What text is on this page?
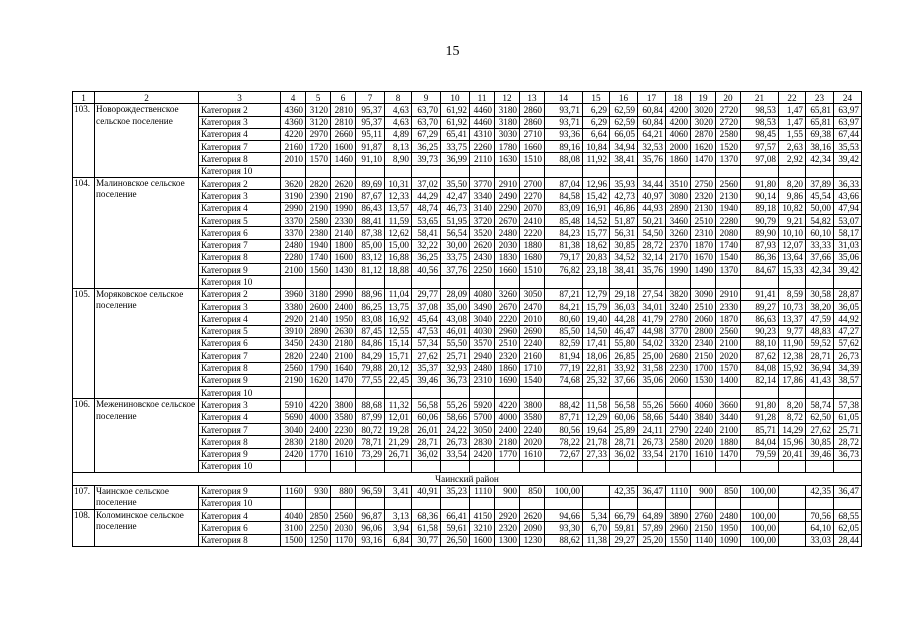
15
1	2	3	4	5	6	7	8	9	10	11	12	13	14	15	16	17	18	19	20	21	22	23	24
103.	Новорождественское сельское поселение	Категория 2	4360	3120	2810	95,37	4,63	63,70	61,92	4460	3180	2860	93,71	6,29	62,59	60,84	4200	3020	2720	98,53	1,47	65,81	63,97
		Категория 3	4360	3120	2810	95,37	4,63	63,70	61,92	4460	3180	2860	93,71	6,29	62,59	60,84	4200	3020	2720	98,53	1,47	65,81	63,97
		Категория 4	4220	2970	2660	95,11	4,89	67,29	65,41	4310	3030	2710	93,36	6,64	66,05	64,21	4060	2870	2580	98,45	1,55	69,38	67,44
		Категория 7	2160	1720	1600	91,87	8,13	36,25	33,75	2260	1780	1660	89,16	10,84	34,94	32,53	2000	1620	1520	97,57	2,63	38,16	35,53
		Категория 8	2010	1570	1460	91,10	8,90	39,73	36,99	2110	1630	1510	88,08	11,92	38,41	35,76	1860	1470	1370	97,08	2,92	42,34	39,42
		Категория 10																					
104.	Малиновское сельское поселение	Категория 2	3620	2820	2620	89,69	10,31	37,02	35,50	3770	2910	2700	87,04	12,96	35,93	34,44	3510	2750	2560	91,80	8,20	37,89	36,33
		Категория 3	3190	2390	2190	87,67	12,33	44,29	42,47	3340	2490	2270	84,58	15,42	42,73	40,97	3080	2320	2130	90,14	9,86	45,54	43,66
		Категория 4	2990	2190	1990	86,43	13,57	48,74	46,73	3140	2290	2070	83,09	16,91	46,86	44,93	2890	2130	1940	89,18	10,82	50,00	47,94
		Категория 5	3370	2580	2330	88,41	11,59	53,65	51,95	3720	2670	2410	85,48	14,52	51,87	50,21	3460	2510	2280	90,79	9,21	54,82	53,07
		Категория 6	3370	2380	2140	87,38	12,62	58,41	56,54	3520	2480	2220	84,23	15,77	56,31	54,50	3260	2310	2080	89,90	10,10	60,10	58,17
		Категория 7	2480	1940	1800	85,00	15,00	32,22	30,00	2620	2030	1880	81,38	18,62	30,85	28,72	2370	1870	1740	87,93	12,07	33,33	31,03
		Категория 8	2280	1740	1600	83,12	16,88	36,25	33,75	2430	1830	1680	79,17	20,83	34,52	32,14	2170	1670	1540	86,36	13,64	37,66	35,06
		Категория 9	2100	1560	1430	81,12	18,88	40,56	37,76	2250	1660	1510	76,82	23,18	38,41	35,76	1990	1490	1370	84,67	15,33	42,34	39,42
		Категория 10																					
105.	Моряковское сельское поселение	Категория 2	3960	3180	2990	88,96	11,04	29,77	28,09	4080	3260	3050	87,21	12,79	29,18	27,54	3820	3090	2910	91,41	8,59	30,58	28,87
		Категория 3	3380	2600	2400	86,25	13,75	37,08	35,00	3490	2670	2470	84,21	15,79	36,03	34,01	3240	2510	2330	89,27	10,73	38,20	36,05
		Категория 4	2920	2140	1950	83,08	16,92	45,64	43,08	3040	2220	2010	80,60	19,40	44,28	41,79	2780	2060	1870	86,63	13,37	47,59	44,92
		Категория 5	3910	2890	2630	87,45	12,55	47,53	46,01	4030	2960	2690	85,50	14,50	46,47	44,98	3770	2800	2560	90,23	9,77	48,83	47,27
		Категория 6	3450	2430	2180	84,86	15,14	57,34	55,50	3570	2510	2240	82,59	17,41	55,80	54,02	3320	2340	2100	88,10	11,90	59,52	57,62
		Категория 7	2820	2240	2100	84,29	15,71	27,62	25,71	2940	2320	2160	81,94	18,06	26,85	25,00	2680	2150	2020	87,62	12,38	28,71	26,73
		Категория 8	2560	1790	1640	79,88	20,12	35,37	32,93	2480	1860	1710	77,19	22,81	33,92	31,58	2230	1700	1570	84,08	15,92	36,94	34,39
		Категория 9	2190	1620	1470	77,55	22,45	39,46	36,73	2310	1690	1540	74,68	25,32	37,66	35,06	2060	1530	1400	82,14	17,86	41,43	38,57
		Категория 10																					
106.	Межениновское сельское поселение	Категория 3	5910	4220	3800	88,68	11,32	56,58	55,26	5920	4220	3800	88,42	11,58	56,58	55,26	5660	4060	3660	91,80	8,20	58,74	57,38
		Категория 4	5690	4000	3580	87,99	12,01	60,06	58,66	5700	4000	3580	87,71	12,29	60,06	58,66	5440	3840	3440	91,28	8,72	62,50	61,05
		Категория 7	3040	2400	2230	80,72	19,28	26,01	24,22	3050	2400	2240	80,56	19,64	25,89	24,11	2790	2240	2100	85,71	14,29	27,62	25,71
		Категория 8	2830	2180	2020	78,71	21,29	28,71	26,73	2830	2180	2020	78,22	21,78	28,71	26,73	2580	2020	1880	84,04	15,96	30,85	28,72
		Категория 9	2420	1770	1610	73,29	26,71	36,02	33,54	2420	1770	1610	72,67	27,33	36,02	33,54	2170	1610	1470	79,59	20,41	39,46	36,73
		Категория 10																					
Чаинский район																							
107.	Чаинское сельское поселение	Категория 9	1160	930	880	96,59	3,41	40,91	35,23	1110	900	850	100,00		42,35	36,47	1110	900	850	100,00		42,35	36,47
		Категория 10																					
108.	Коломинское сельское поселение	Категория 4	4040	2850	2560	96,87	3,13	68,36	66,41	4150	2920	2620	94,66	5,34	66,79	64,89	3890	2760	2480	100,00		70,56	68,55
		Категория 6	3100	2250	2030	96,06	3,94	61,58	59,61	3210	2320	2090	93,30	6,70	59,81	57,89	2960	2150	1950	100,00		64,10	62,05
		Категория 8	1500	1250	1170	93,16	6,84	30,77	26,50	1600	1300	1230	88,62	11,38	29,27	25,20	1550	1140	1090	100,00		33,03	28,44
